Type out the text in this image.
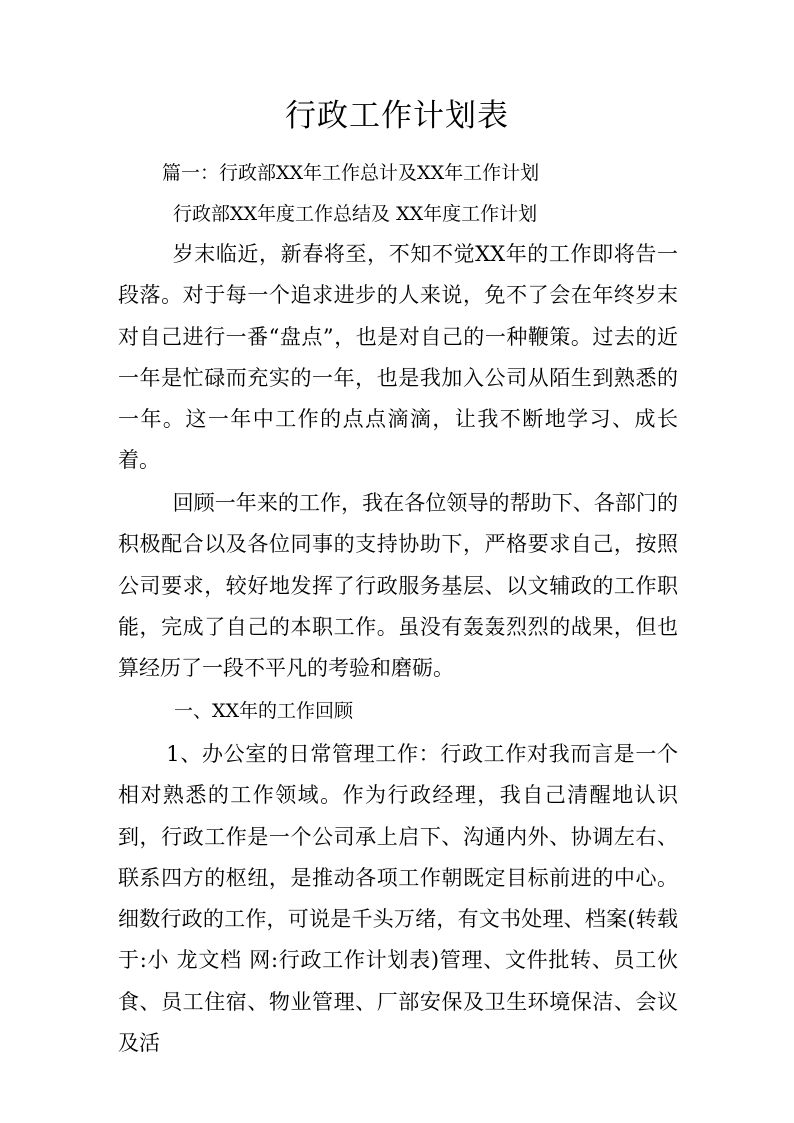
行政工作计划表
篇一：行政部XX年工作总计及XX年工作计划
行政部XX年度工作总结及 XX年度工作计划

岁末临近，新春将至，不知不觉XX年的工作即将告一段落。对于每一个追求进步的人来说，免不了会在年终岁末对自己进行一番“盘点”，也是对自己的一种鞭策。过去的近一年是忙碌而充实的一年，也是我加入公司从陌生到熟悉的一年。这一年中工作的点点滴滴，让我不断地学习、成长着。

回顾一年来的工作，我在各位领导的帮助下、各部门的积极配合以及各位同事的支持协助下，严格要求自己，按照公司要求，较好地发挥了行政服务基层、以文辅政的工作职能，完成了自己的本职工作。虽没有轰轰烈烈的战果，但也算经历了一段不平凡的考验和磨砺。

一、XX年的工作回顾

1、办公室的日常管理工作：行政工作对我而言是一个相对熟悉的工作领域。作为行政经理，我自己清醒地认识到，行政工作是一个公司承上启下、沟通内外、协调左右、联系四方的枢纽，是推动各项工作朝既定目标前进的中心。细数行政的工作，可说是千头万绪，有文书处理、档案(转载于:小 龙文档 网:行政工作计划表)管理、文件批转、员工伙食、员工住宿、物业管理、厂部安保及卫生环境保洁、会议及活
